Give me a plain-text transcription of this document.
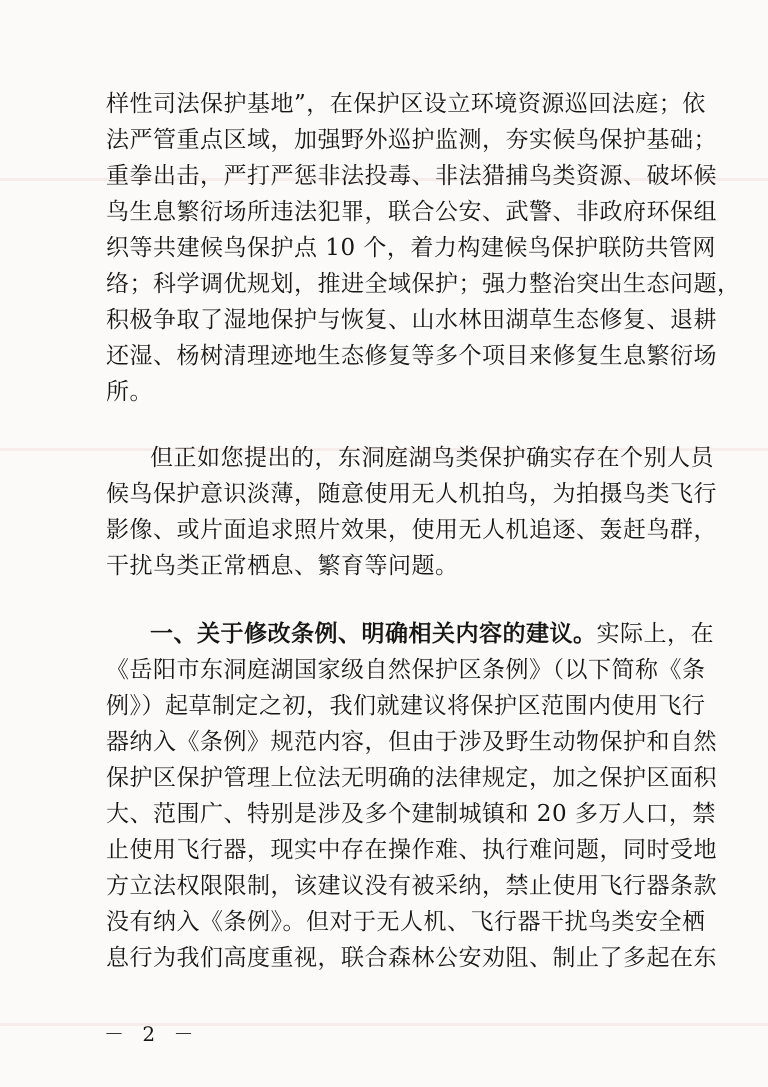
样性司法保护基地”，在保护区设立环境资源巡回法庭；依
法严管重点区域，加强野外巡护监测，夯实候鸟保护基础；
重拳出击，严打严惩非法投毒、非法猎捕鸟类资源、破坏候
鸟生息繁衍场所违法犯罪，联合公安、武警、非政府环保组
织等共建候鸟保护点 10 个，着力构建候鸟保护联防共管网
络；科学调优规划，推进全域保护；强力整治突出生态问题，
积极争取了湿地保护与恢复、山水林田湖草生态修复、退耕
还湿、杨树清理迹地生态修复等多个项目来修复生息繁衍场
所。
但正如您提出的，东洞庭湖鸟类保护确实存在个别人员
候鸟保护意识淡薄，随意使用无人机拍鸟，为拍摄鸟类飞行
影像、或片面追求照片效果，使用无人机追逐、轰赶鸟群，
干扰鸟类正常栖息、繁育等问题。
一、关于修改条例、明确相关内容的建议。实际上，在
《岳阳市东洞庭湖国家级自然保护区条例》（以下简称《条
例》）起草制定之初，我们就建议将保护区范围内使用飞行
器纳入《条例》规范内容，但由于涉及野生动物保护和自然
保护区保护管理上位法无明确的法律规定，加之保护区面积
大、范围广、特别是涉及多个建制城镇和 20 多万人口，禁
止使用飞行器，现实中存在操作难、执行难问题，同时受地
方立法权限限制，该建议没有被采纳，禁止使用飞行器条款
没有纳入《条例》。但对于无人机、飞行器干扰鸟类安全栖
息行为我们高度重视，联合森林公安劝阻、制止了多起在东
－ 2 －
